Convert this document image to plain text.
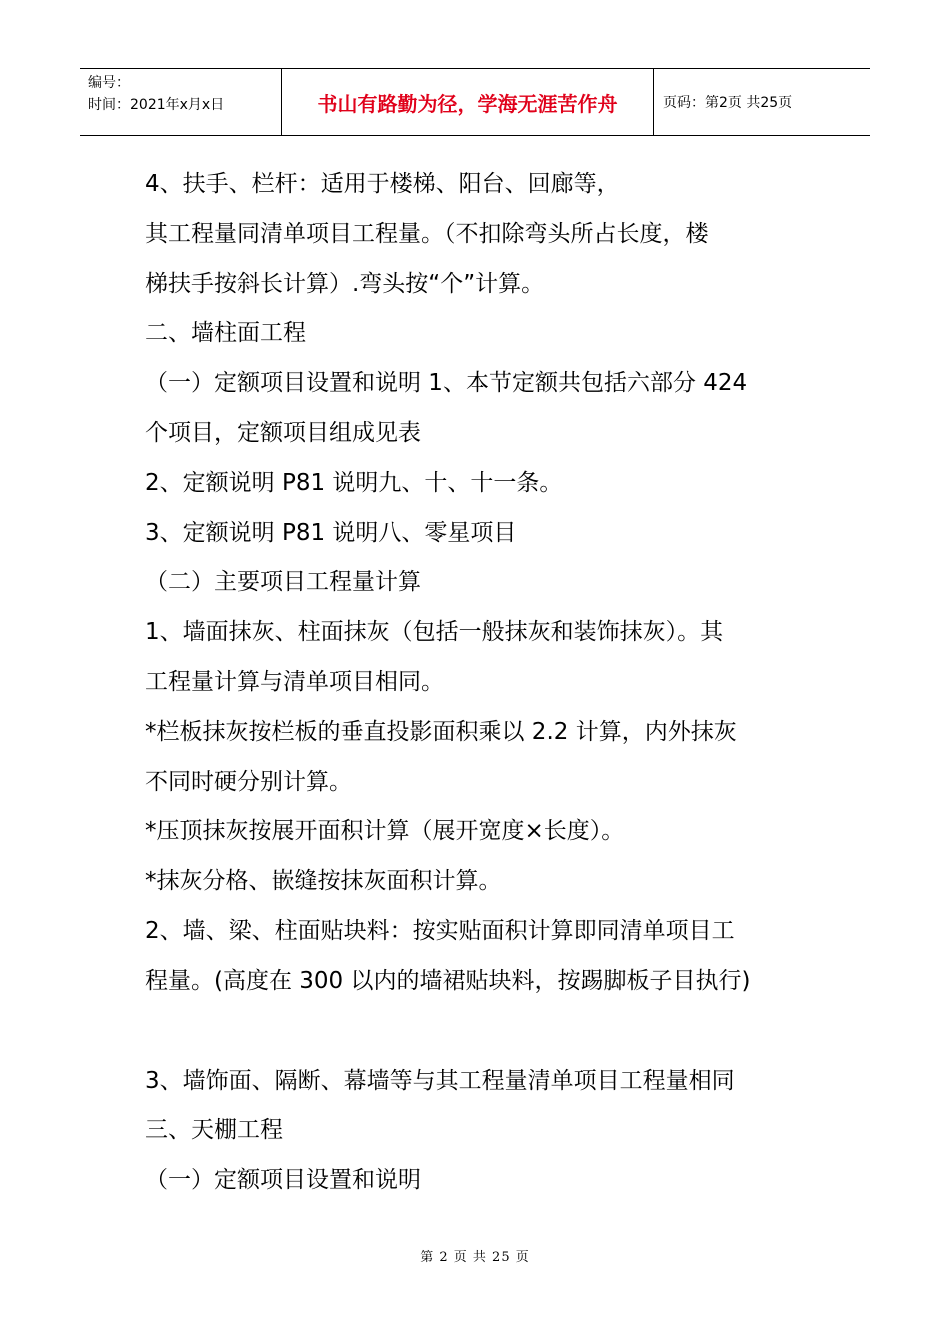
编号：
时间：2021年x月x日	书山有路勤为径，学海无涯苦作舟	页码：第2页 共25页
4、扶手、栏杆：适用于楼梯、阳台、回廊等，
其工程量同清单项目工程量。（不扣除弯头所占长度，楼
梯扶手按斜长计算）.弯头按“个”计算。
二、墙柱面工程
（一）定额项目设置和说明 1、本节定额共包括六部分 424
个项目，定额项目组成见表
2、定额说明 P81 说明九、十、十一条。
3、定额说明 P81 说明八、零星项目
（二）主要项目工程量计算
1、墙面抹灰、柱面抹灰（包括一般抹灰和装饰抹灰）。其
工程量计算与清单项目相同。
*栏板抹灰按栏板的垂直投影面积乘以 2.2 计算，内外抹灰
不同时硬分别计算。
*压顶抹灰按展开面积计算（展开宽度×长度）。
*抹灰分格、嵌缝按抹灰面积计算。
2、墙、梁、柱面贴块料：按实贴面积计算即同清单项目工
程量。(高度在 300 以内的墙裙贴块料，按踢脚板子目执行)
3、墙饰面、隔断、幕墙等与其工程量清单项目工程量相同
三、天棚工程
（一）定额项目设置和说明
第 2 页 共 25 页
